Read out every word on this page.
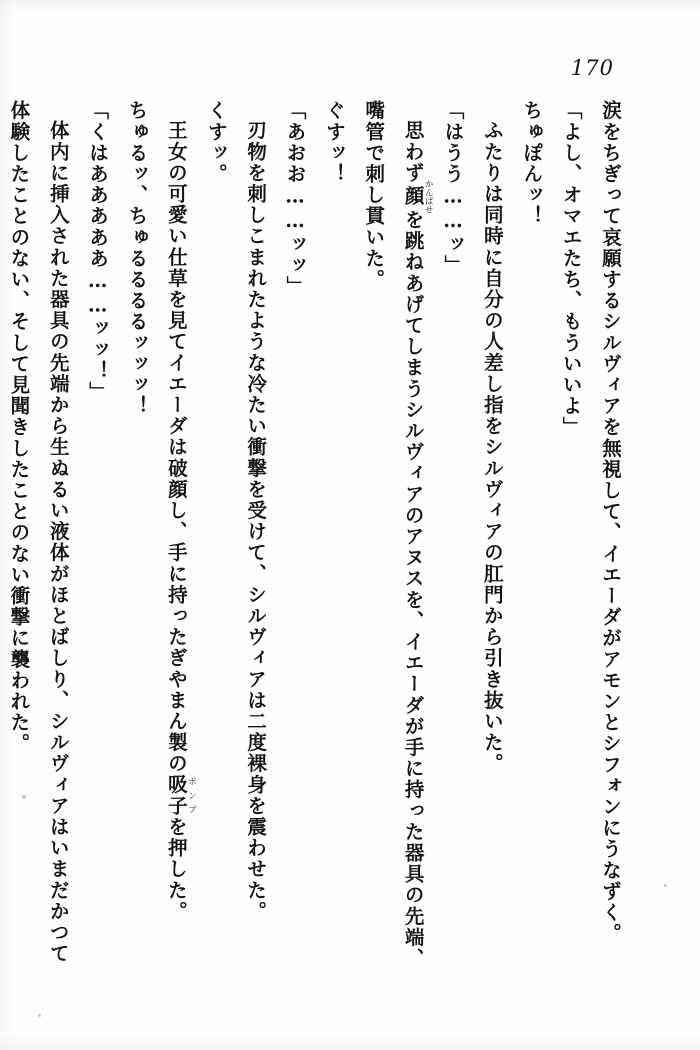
170

涙をちぎって哀願するシルヴィアを無視して、イエーダがアモンとシフォンにうなずく。

「よし、オマエたち、もういいよ」

ちゅぽんッ！

ふたりは同時に自分の人差し指をシルヴィアの肛門から引き抜いた。

「はうう……ッ」

思わず顔かんばせを跳ねあげてしまうシルヴィアのアヌスを、イエーダが手に持った器具の先端、嘴管で刺し貫いた。

ぐすッ！

「あおお……ッッ」

刃物を刺しこまれたような冷たい衝撃を受けて、シルヴィアは二度裸身を震わせた。

くすッ。

王女の可愛い仕草を見てイエーダは破顔し、手に持ったぎやまん製の吸子ポンプを押した。

ちゅるッ、ちゅるるるるッッッ！

「くはあああああ……ッッ！」

体内に挿入された器具の先端から生ぬるい液体がほとばしり、シルヴィアはいまだかつて体験したことのない、そして見聞きしたことのない衝撃に襲われた。
